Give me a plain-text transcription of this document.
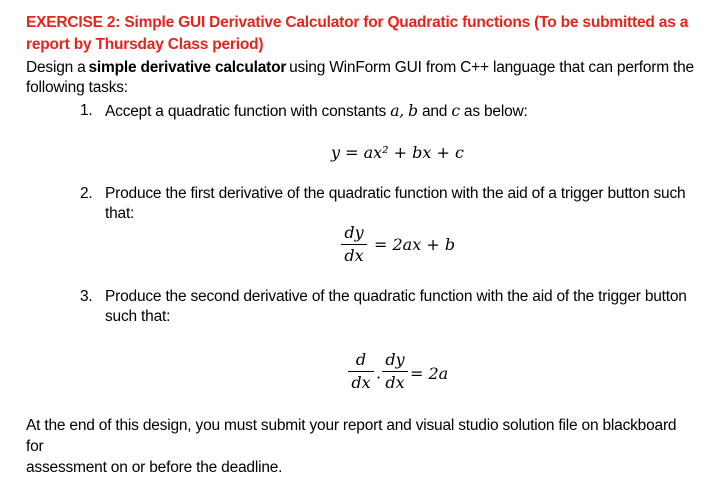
EXERCISE 2: Simple GUI Derivative Calculator for Quadratic functions (To be submitted as a
report by Thursday Class period)
Design a simple derivative calculator using WinForm GUI from C++ language that can perform the
following tasks:
1. Accept a quadratic function with constants a, b and c as below:
y = ax² + bx + c
2. Produce the first derivative of the quadratic function with the aid of a trigger button such
that:
dy
dx
= 2ax + b
3. Produce the second derivative of the quadratic function with the aid of the trigger button
such that:
d
dx ·
dy
dx = 2a
At the end of this design, you must submit your report and visual studio solution file on blackboard for
assessment on or before the deadline.
